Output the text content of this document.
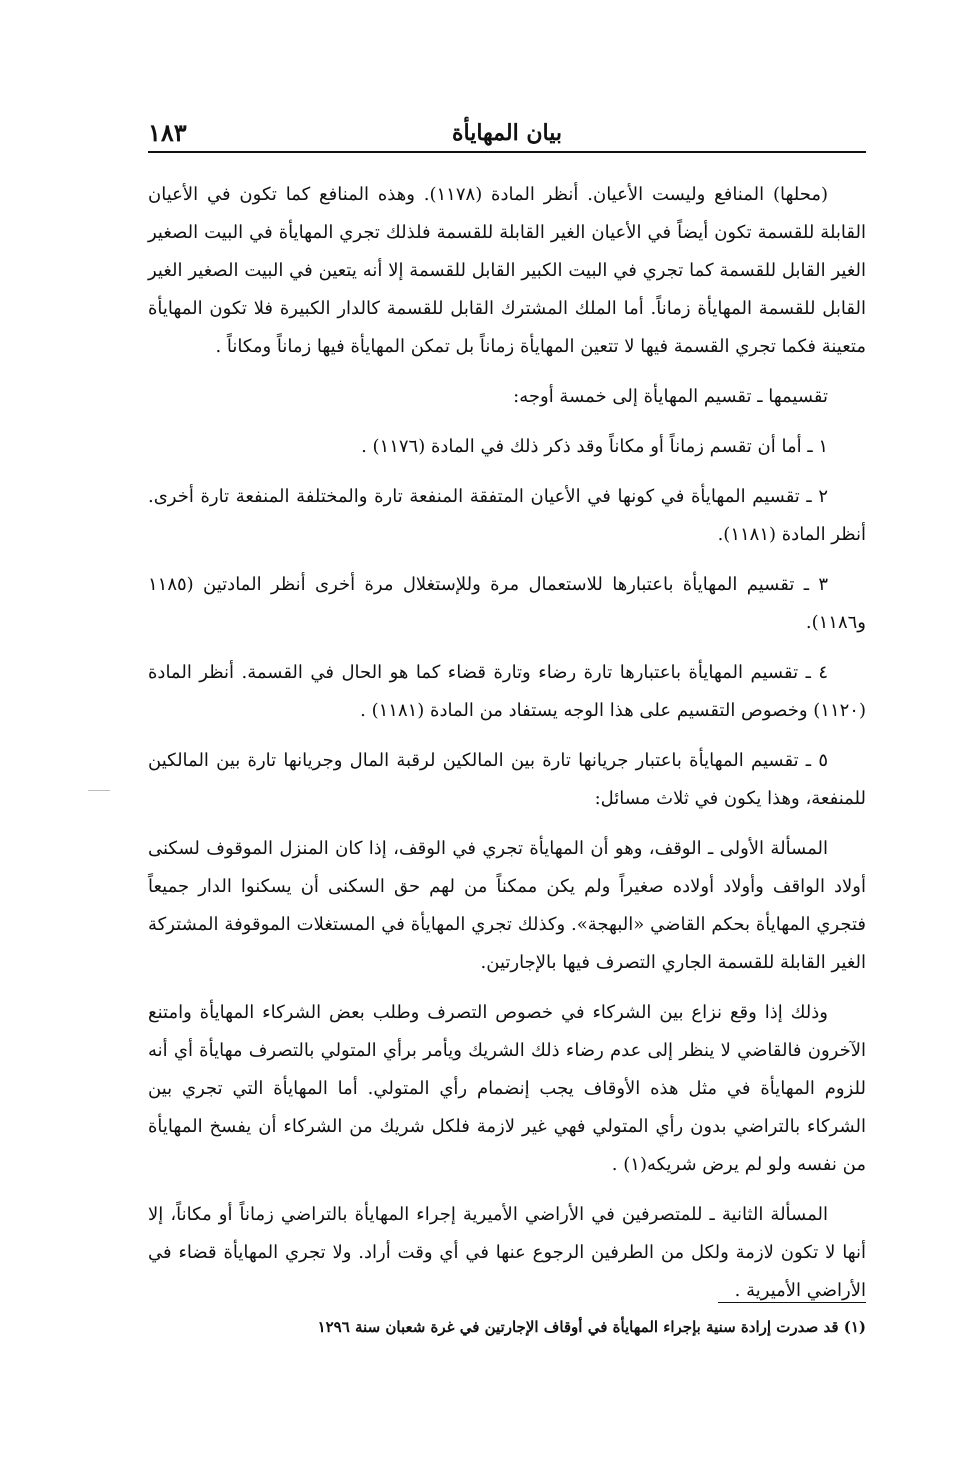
بيان المهايأة
١٨٣

(محلها) المنافع وليست الأعيان. أنظر المادة (١١٧٨). وهذه المنافع كما تكون في الأعيان القابلة للقسمة تكون أيضاً في الأعيان الغير القابلة للقسمة فلذلك تجري المهايأة في البيت الصغير الغير القابل للقسمة كما تجري في البيت الكبير القابل للقسمة إلا أنه يتعين في البيت الصغير الغير القابل للقسمة المهايأة زماناً. أما الملك المشترك القابل للقسمة كالدار الكبيرة فلا تكون المهايأة متعينة فكما تجري القسمة فيها لا تتعين المهايأة زماناً بل تمكن المهايأة فيها زماناً ومكاناً .

تقسيمها ـ تقسيم المهايأة إلى خمسة أوجه:

١ ـ أما أن تقسم زماناً أو مكاناً وقد ذكر ذلك في المادة (١١٧٦) .

٢ ـ تقسيم المهايأة في كونها في الأعيان المتفقة المنفعة تارة والمختلفة المنفعة تارة أخرى. أنظر المادة (١١٨١).

٣ ـ تقسيم المهايأة باعتبارها للاستعمال مرة وللإستغلال مرة أخرى أنظر المادتين (١١٨٥ و١١٨٦).

٤ ـ تقسيم المهايأة باعتبارها تارة رضاء وتارة قضاء كما هو الحال في القسمة. أنظر المادة (١١٢٠) وخصوص التقسيم على هذا الوجه يستفاد من المادة (١١٨١) .

٥ ـ تقسيم المهايأة باعتبار جريانها تارة بين المالكين لرقبة المال وجريانها تارة بين المالكين للمنفعة، وهذا يكون في ثلاث مسائل:

المسألة الأولى ـ الوقف، وهو أن المهايأة تجري في الوقف، إذا كان المنزل الموقوف لسكنى أولاد الواقف وأولاد أولاده صغيراً ولم يكن ممكناً من لهم حق السكنى أن يسكنوا الدار جميعاً فتجري المهايأة بحكم القاضي «البهجة». وكذلك تجري المهايأة في المستغلات الموقوفة المشتركة الغير القابلة للقسمة الجاري التصرف فيها بالإجارتين.

وذلك إذا وقع نزاع بين الشركاء في خصوص التصرف وطلب بعض الشركاء المهايأة وامتنع الآخرون فالقاضي لا ينظر إلى عدم رضاء ذلك الشريك ويأمر برأي المتولي بالتصرف مهايأة أي أنه للزوم المهايأة في مثل هذه الأوقاف يجب إنضمام رأي المتولي. أما المهايأة التي تجري بين الشركاء بالتراضي بدون رأي المتولي فهي غير لازمة فلكل شريك من الشركاء أن يفسخ المهايأة من نفسه ولو لم يرض شريكه(١) .

المسألة الثانية ـ للمتصرفين في الأراضي الأميرية إجراء المهايأة بالتراضي زماناً أو مكاناً، إلا أنها لا تكون لازمة ولكل من الطرفين الرجوع عنها في أي وقت أراد. ولا تجري المهايأة قضاء في الأراضي الأميرية .

(١) قد صدرت إرادة سنية بإجراء المهايأة في أوقاف الإجارتين في غرة شعبان سنة ١٢٩٦
